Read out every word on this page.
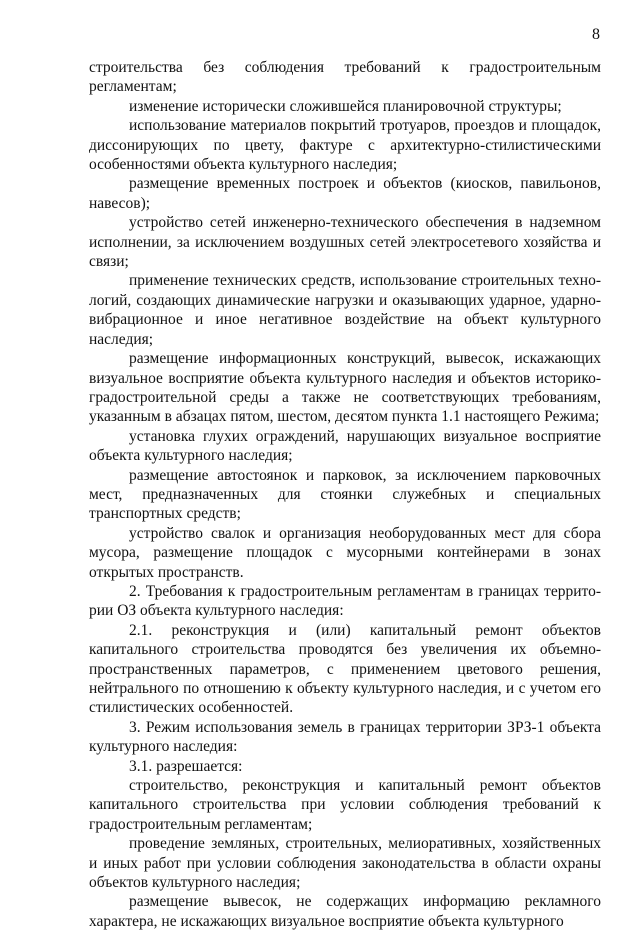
8

строительства без соблюдения требований к градостроительным регламентам;

изменение исторически сложившейся планировочной структуры;

использование материалов покрытий тротуаров, проездов и площадок, диссонирующих по цвету, фактуре с архитектурно-стилистическими особенностями объекта культурного наследия;

размещение временных построек и объектов (киосков, павильонов, навесов);

устройство сетей инженерно-технического обеспечения в надземном исполнении, за исключением воздушных сетей электросетевого хозяйства и связи;

применение технических средств, использование строительных технологий, создающих динамические нагрузки и оказывающих ударное, ударно-вибрационное и иное негативное воздействие на объект культурного наследия;

размещение информационных конструкций, вывесок, искажающих визуальное восприятие объекта культурного наследия и объектов историко-градостроительной среды а также не соответствующих требованиям, указанным в абзацах пятом, шестом, десятом пункта 1.1 настоящего Режима;

установка глухих ограждений, нарушающих визуальное восприятие объекта культурного наследия;

размещение автостоянок и парковок, за исключением парковочных мест, предназначенных для стоянки служебных и специальных транспортных средств;

устройство свалок и организация необорудованных мест для сбора мусора, размещение площадок с мусорными контейнерами в зонах открытых пространств.

2. Требования к градостроительным регламентам в границах территории ОЗ объекта культурного наследия:

2.1. реконструкция и (или) капитальный ремонт объектов капитального строительства проводятся без увеличения их объемно-пространственных параметров, с применением цветового решения, нейтрального по отношению к объекту культурного наследия, и с учетом его стилистических особенностей.

3. Режим использования земель в границах территории ЗРЗ-1 объекта культурного наследия:

3.1. разрешается:

строительство, реконструкция и капитальный ремонт объектов капитального строительства при условии соблюдения требований к градостроительным регламентам;

проведение земляных, строительных, мелиоративных, хозяйственных и иных работ при условии соблюдения законодательства в области охраны объектов культурного наследия;

размещение вывесок, не содержащих информацию рекламного характера, не искажающих визуальное восприятие объекта культурного
